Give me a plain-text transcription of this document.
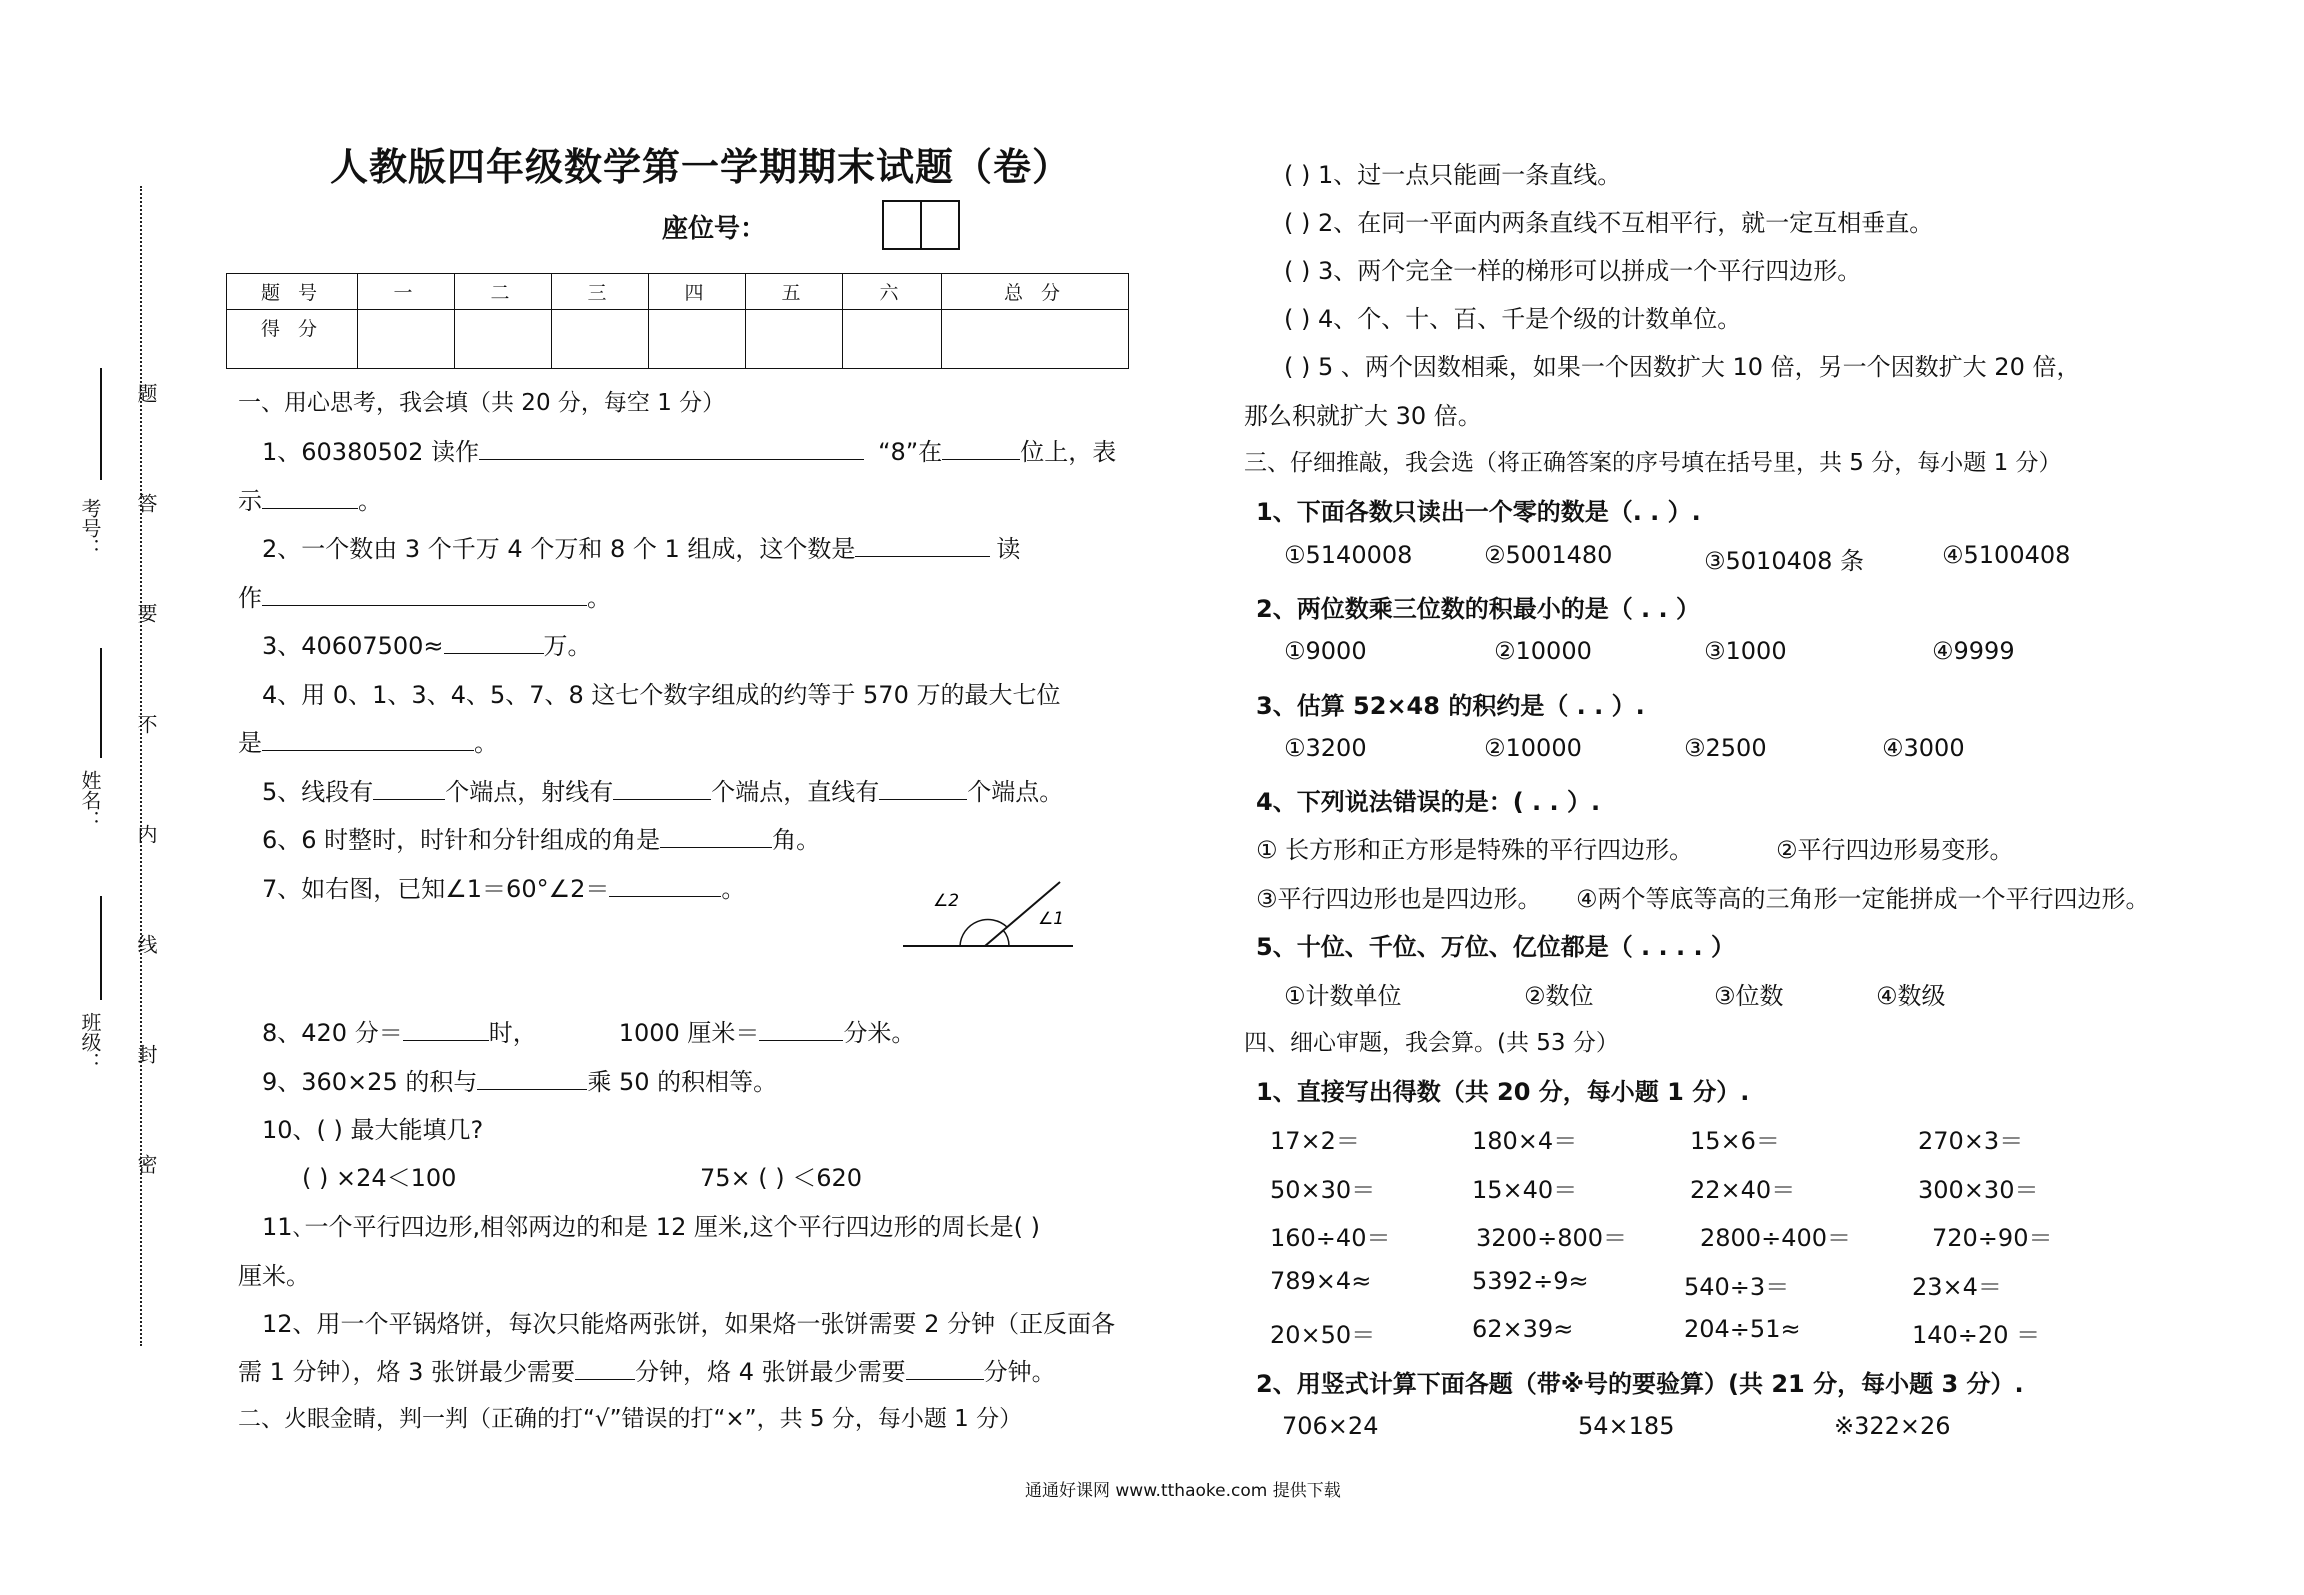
人教版四年级数学第一学期期末试题（卷）
座位号：
题 号	一	二	三	四	五	六	总 分
得 分							
考号：
姓名：
班级：
题
答
要
不
内
线
封
密
一、用心思考，我会填（共 20 分，每空 1 分）
1、60380502 读作	“8”在	位上，表
示	。
2、一个数由 3 个千万 4 个万和 8 个 1 组成，这个数是	读
作	。
3、40607500≈	万。
4、用 0、1、3、4、5、7、8 这七个数字组成的约等于 570 万的最大七位
是	。
5、线段有	个端点，射线有	个端点，直线有	个端点。
6、6 时整时，时针和分针组成的角是	角。
7、如右图，已知∠1＝60°∠2＝	。	∠2
∠1
8、420 分＝	时，	1000 厘米＝	分米。
9、360×25 的积与	乘 50 的积相等。
10、( ) 最大能填几?
( ) ×24＜100	75× ( ) ＜620
11､一个平行四边形,相邻两边的和是 12 厘米,这个平行四边形的周长是( )
厘米。
12、用一个平锅烙饼，每次只能烙两张饼，如果烙一张饼需要 2 分钟（正反面各
需 1 分钟），烙 3 张饼最少需要	分钟，烙 4 张饼最少需要	分钟。
二、火眼金睛，判一判（正确的打“√”错误的打“×”，共 5 分，每小题 1 分）
( ) 1、过一点只能画一条直线。
( ) 2、在同一平面内两条直线不互相平行，就一定互相垂直。
( ) 3、两个完全一样的梯形可以拼成一个平行四边形。
( ) 4、个、十、百、千是个级的计数单位。
( ) 5 、两个因数相乘，如果一个因数扩大 10 倍，另一个因数扩大 20 倍，
那么积就扩大 30 倍。
三、仔细推敲，我会选（将正确答案的序号填在括号里，共 5 分，每小题 1 分）
1、下面各数只读出一个零的数是（. . ）.
①5140008	②5001480	③5010408 条	④5100408
2、两位数乘三位数的积最小的是（ . . ）
①9000	②10000	③1000	④9999
3、估算 52×48 的积约是（ . . ）.
①3200	②10000	③2500	④3000
4、下列说法错误的是：( . . ）.
① 长方形和正方形是特殊的平行四边形。	②平行四边形易变形。
③平行四边形也是四边形。 ④两个等底等高的三角形一定能拼成一个平行四边形。
5、十位、千位、万位、亿位都是（ . . . . ）
①计数单位	②数位	③位数	④数级
四、细心审题，我会算。(共 53 分）
1、直接写出得数（共 20 分，每小题 1 分）.
17×2＝	180×4＝	15×6＝	270×3＝
50×30＝	15×40＝	22×40＝	300×30＝
160÷40＝	3200÷800＝	2800÷400＝	720÷90＝
789×4≈	5392÷9≈	540÷3＝	23×4＝
20×50＝	62×39≈	204÷51≈	140÷20 ＝
2、用竖式计算下面各题（带※号的要验算）(共 21 分，每小题 3 分）.
706×24	54×185	※322×26
通通好课网 www.tthaoke.com 提供下载
